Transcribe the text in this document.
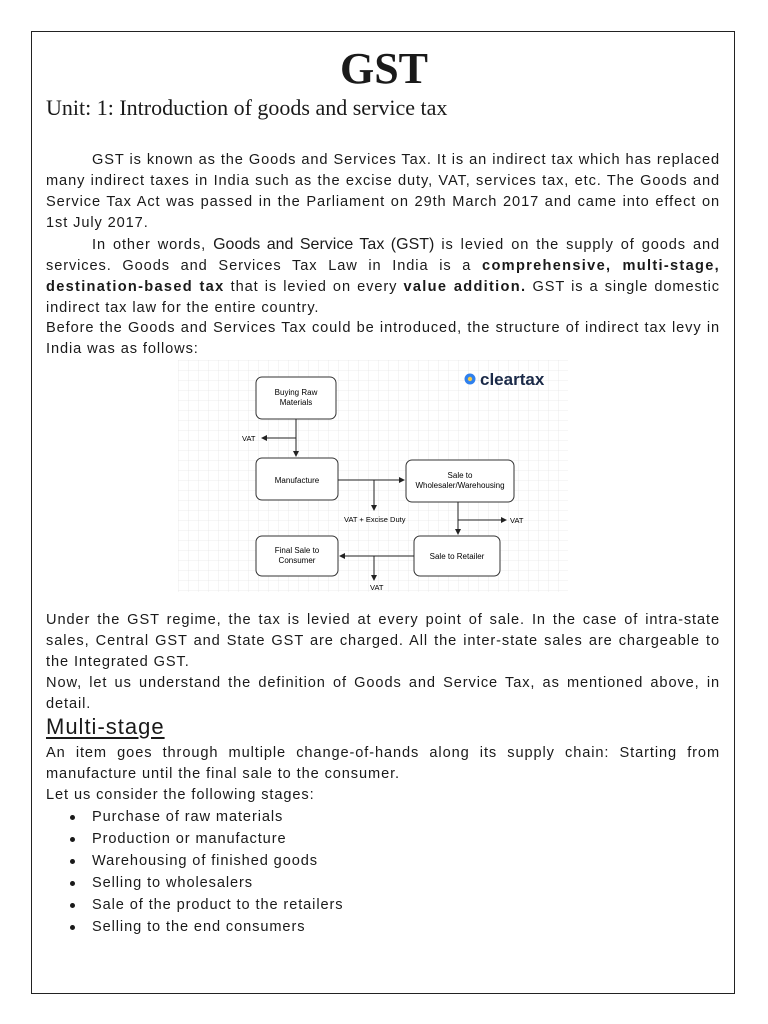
GST
Unit: 1: Introduction of goods and service tax

GST is known as the Goods and Services Tax. It is an indirect tax which has replaced many indirect taxes in India such as the excise duty, VAT, services tax, etc. The Goods and Service Tax Act was passed in the Parliament on 29th March 2017 and came into effect on 1st July 2017.

In other words, Goods and Service Tax (GST) is levied on the supply of goods and services. Goods and Services Tax Law in India is a comprehensive, multi-stage, destination-based tax that is levied on every value addition. GST is a single domestic indirect tax law for the entire country.

Before the Goods and Services Tax could be introduced, the structure of indirect tax levy in India was as follows:

cleartax
Buying Raw
Materials
Manufacture
Sale to
Wholesaler/Warehousing
Final Sale to
Consumer	Sale to Retailer
VAT
VAT + Excise Duty	VAT
VAT

Under the GST regime, the tax is levied at every point of sale. In the case of intra-state sales, Central GST and State GST are charged. All the inter-state sales are chargeable to the Integrated GST.

Now, let us understand the definition of Goods and Service Tax, as mentioned above, in detail.

Multi-stage

An item goes through multiple change-of-hands along its supply chain: Starting from manufacture until the final sale to the consumer.

Let us consider the following stages:

Purchase of raw materials
Production or manufacture
Warehousing of finished goods
Selling to wholesalers
Sale of the product to the retailers
Selling to the end consumers
